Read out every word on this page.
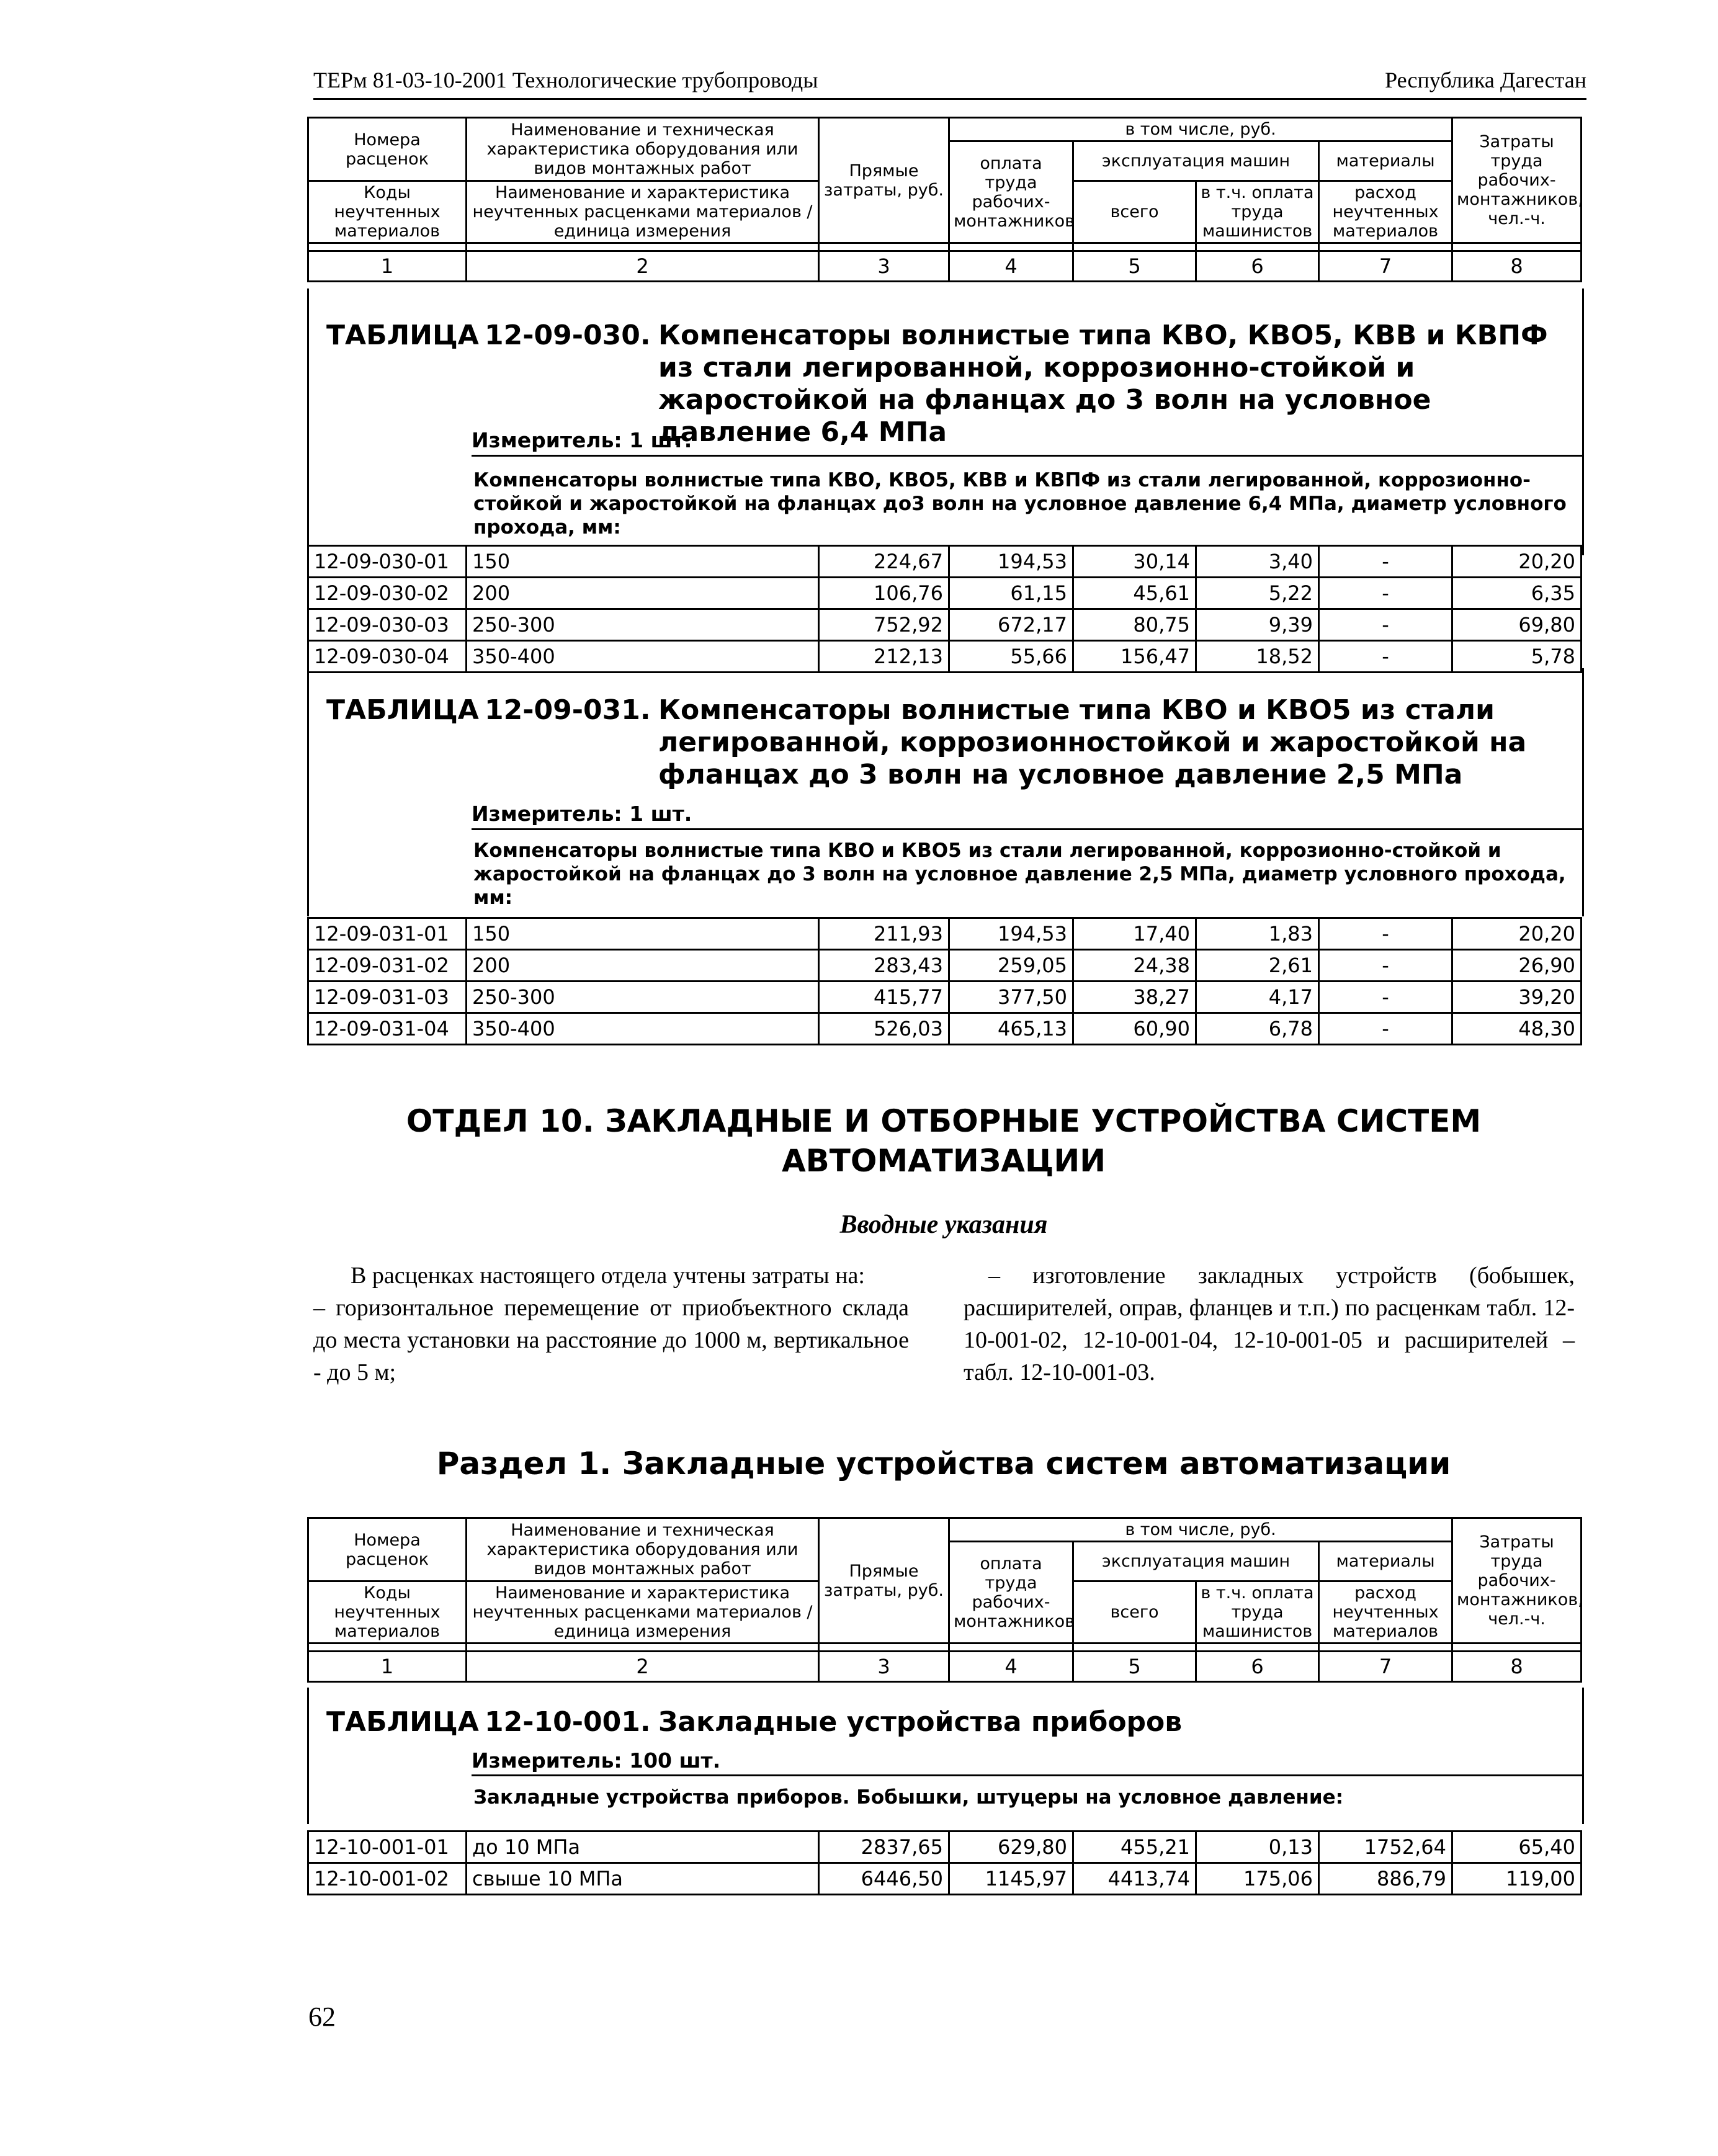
ТЕРм 81-03-10-2001 Технологические трубопроводы	Республика Дагестан
Номера расценок	Наименование и техническая характеристика оборудования или видов монтажных работ	Прямые затраты, руб.	в том числе, руб.				Затраты труда рабочих-монтажников, чел.-ч.
			оплата труда рабочих-монтажников	эксплуатация машин		материалы	
Коды неучтенных материалов	Наименование и характеристика неучтенных расценками материалов / единица измерения			всего	в т.ч. оплата труда машинистов	расход неучтенных материалов	

1	2	3	4	5	6	7	8
ТАБЛИЦА 12-09-030. Компенсаторы волнистые типа КВО, КВО5, КВВ и КВПФ из стали легированной, коррозионно-стойкой и жаростойкой на фланцах до 3 волн на условное давление 6,4 МПа
Измеритель: 1 шт.
Компенсаторы волнистые типа КВО, КВО5, КВВ и КВПФ из стали легированной, коррозионно-стойкой и жаростойкой на фланцах до3 волн на условное давление 6,4 МПа, диаметр условного прохода, мм:
12-09-030-01	150	224,67	194,53	30,14	3,40	-	20,20
12-09-030-02	200	106,76	61,15	45,61	5,22	-	6,35
12-09-030-03	250-300	752,92	672,17	80,75	9,39	-	69,80
12-09-030-04	350-400	212,13	55,66	156,47	18,52	-	5,78
ТАБЛИЦА 12-09-031. Компенсаторы волнистые типа КВО и КВО5 из стали легированной, коррозионностойкой и жаростойкой на фланцах до 3 волн на условное давление 2,5 МПа
Измеритель: 1 шт.
Компенсаторы волнистые типа КВО и КВО5 из стали легированной, коррозионно-стойкой и жаростойкой на фланцах до 3 волн на условное давление 2,5 МПа, диаметр условного прохода, мм:
12-09-031-01	150	211,93	194,53	17,40	1,83	-	20,20
12-09-031-02	200	283,43	259,05	24,38	2,61	-	26,90
12-09-031-03	250-300	415,77	377,50	38,27	4,17	-	39,20
12-09-031-04	350-400	526,03	465,13	60,90	6,78	-	48,30
ОТДЕЛ 10. ЗАКЛАДНЫЕ И ОТБОРНЫЕ УСТРОЙСТВА СИСТЕМ
АВТОМАТИЗАЦИИ
Вводные указания
В расценках настоящего отдела учтены затраты на:
– горизонтальное перемещение от приобъектного склада до места установки на расстояние до 1000 м, вертикальное - до 5 м;
– изготовление закладных устройств (бобышек, расширителей, оправ, фланцев и т.п.) по расценкам табл. 12-10-001-02, 12-10-001-04, 12-10-001-05 и расширителей – табл. 12-10-001-03.
Раздел 1. Закладные устройства систем автоматизации
Номера расценок	Наименование и техническая характеристика оборудования или видов монтажных работ	Прямые затраты, руб.	в том числе, руб.				Затраты труда рабочих-монтажников, чел.-ч.
			оплата труда рабочих-монтажников	эксплуатация машин		материалы	
Коды неучтенных материалов	Наименование и характеристика неучтенных расценками материалов / единица измерения			всего	в т.ч. оплата труда машинистов	расход неучтенных материалов	

1	2	3	4	5	6	7	8
ТАБЛИЦА 12-10-001. Закладные устройства приборов
Измеритель: 100 шт.
Закладные устройства приборов. Бобышки, штуцеры на условное давление:
12-10-001-01	до 10 МПа	2837,65	629,80	455,21	0,13	1752,64	65,40
12-10-001-02	свыше 10 МПа	6446,50	1145,97	4413,74	175,06	886,79	119,00
62
